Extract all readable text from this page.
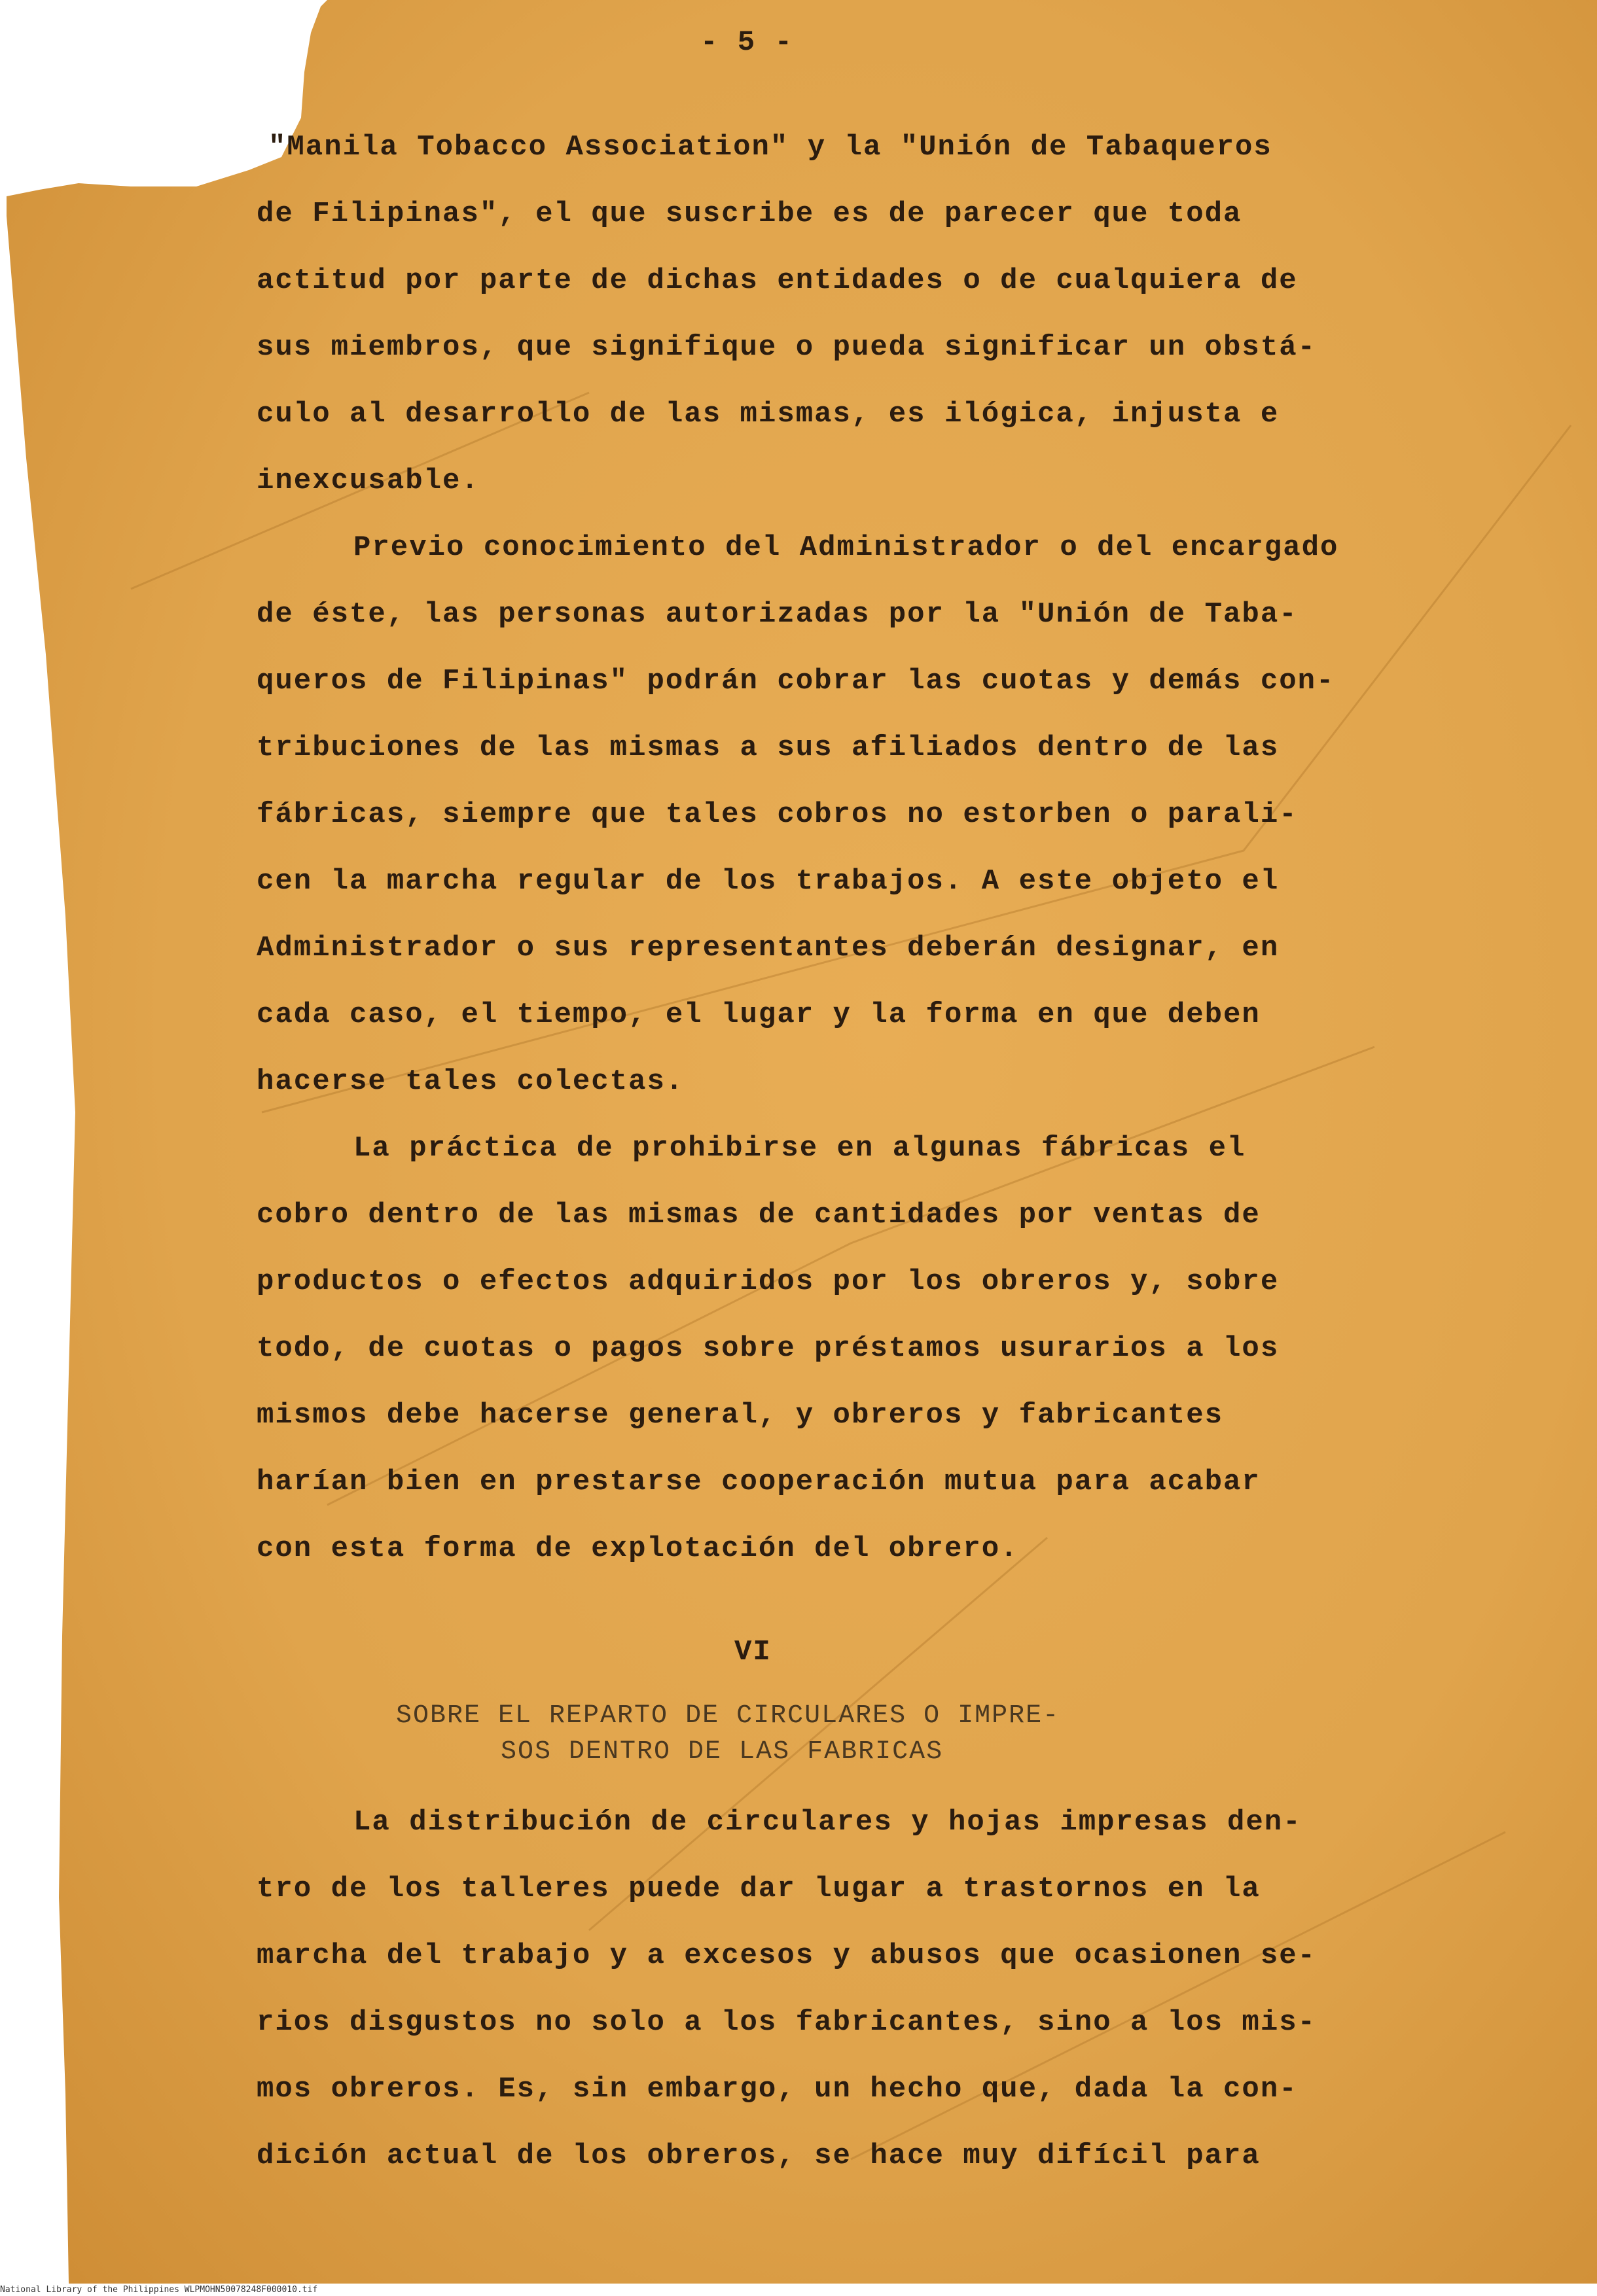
- 5 -
"Manila Tobacco Association" y la "Unión de Tabaqueros
de Filipinas", el que suscribe es de parecer que toda
actitud por parte de dichas entidades o de cualquiera de
sus miembros, que signifique o pueda significar un obstá-
culo al desarrollo de las mismas, es ilógica, injusta e
inexcusable.
Previo conocimiento del Administrador o del encargado
de éste, las personas autorizadas por la "Unión de Taba-
queros de Filipinas" podrán cobrar las cuotas y demás con-
tribuciones de las mismas a sus afiliados dentro de las
fábricas, siempre que tales cobros no estorben o parali-
cen la marcha regular de los trabajos. A este objeto el
Administrador o sus representantes deberán designar, en
cada caso, el tiempo, el lugar y la forma en que deben
hacerse tales colectas.
La práctica de prohibirse en algunas fábricas el
cobro dentro de las mismas de cantidades por ventas de
productos o efectos adquiridos por los obreros y, sobre
todo, de cuotas o pagos sobre préstamos usurarios a los
mismos debe hacerse general, y obreros y fabricantes
harían bien en prestarse cooperación mutua para acabar
con esta forma de explotación del obrero.
VI
SOBRE EL REPARTO DE CIRCULARES O IMPRE-
SOS DENTRO DE LAS FABRICAS
La distribución de circulares y hojas impresas den-
tro de los talleres puede dar lugar a trastornos en la
marcha del trabajo y a excesos y abusos que ocasionen se-
rios disgustos no solo a los fabricantes, sino a los mis-
mos obreros. Es, sin embargo, un hecho que, dada la con-
dición actual de los obreros, se hace muy difícil para
National Library of the Philippines WLPMOHN50078248F000010.tif
